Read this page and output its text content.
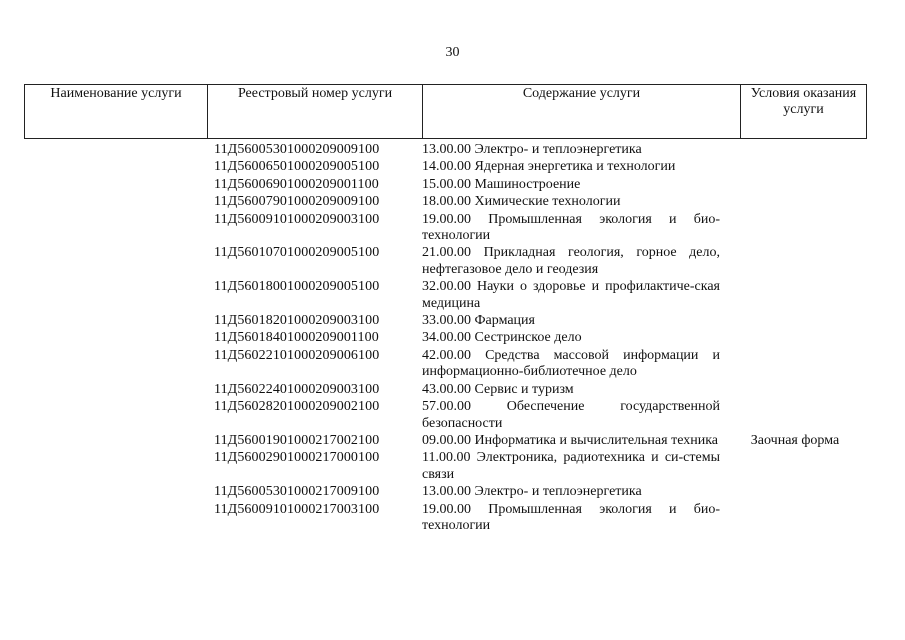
30
Наименование услуги	Реестровый номер услуги	Содержание услуги	Условия оказания услуги
11Д56005301000209009100	13.00.00 Электро- и теплоэнергетика
11Д56006501000209005100	14.00.00 Ядерная энергетика и технологии
11Д56006901000209001100	15.00.00 Машиностроение
11Д56007901000209009100	18.00.00 Химические технологии
11Д56009101000209003100	19.00.00 Промышленная экология и био-технологии
11Д56010701000209005100	21.00.00 Прикладная геология, горное дело, нефтегазовое дело и геодезия
11Д56018001000209005100	32.00.00 Науки о здоровье и профилактиче-ская медицина
11Д56018201000209003100	33.00.00 Фармация
11Д56018401000209001100	34.00.00 Сестринское дело
11Д56022101000209006100	42.00.00 Средства массовой информации и информационно-библиотечное дело
11Д56022401000209003100	43.00.00 Сервис и туризм
11Д56028201000209002100	57.00.00 Обеспечение государственной безопасности
11Д56001901000217002100	09.00.00 Информатика и вычислительная техника	Заочная форма
11Д56002901000217000100	11.00.00 Электроника, радиотехника и си-стемы связи
11Д56005301000217009100	13.00.00 Электро- и теплоэнергетика
11Д56009101000217003100	19.00.00 Промышленная экология и био-технологии
